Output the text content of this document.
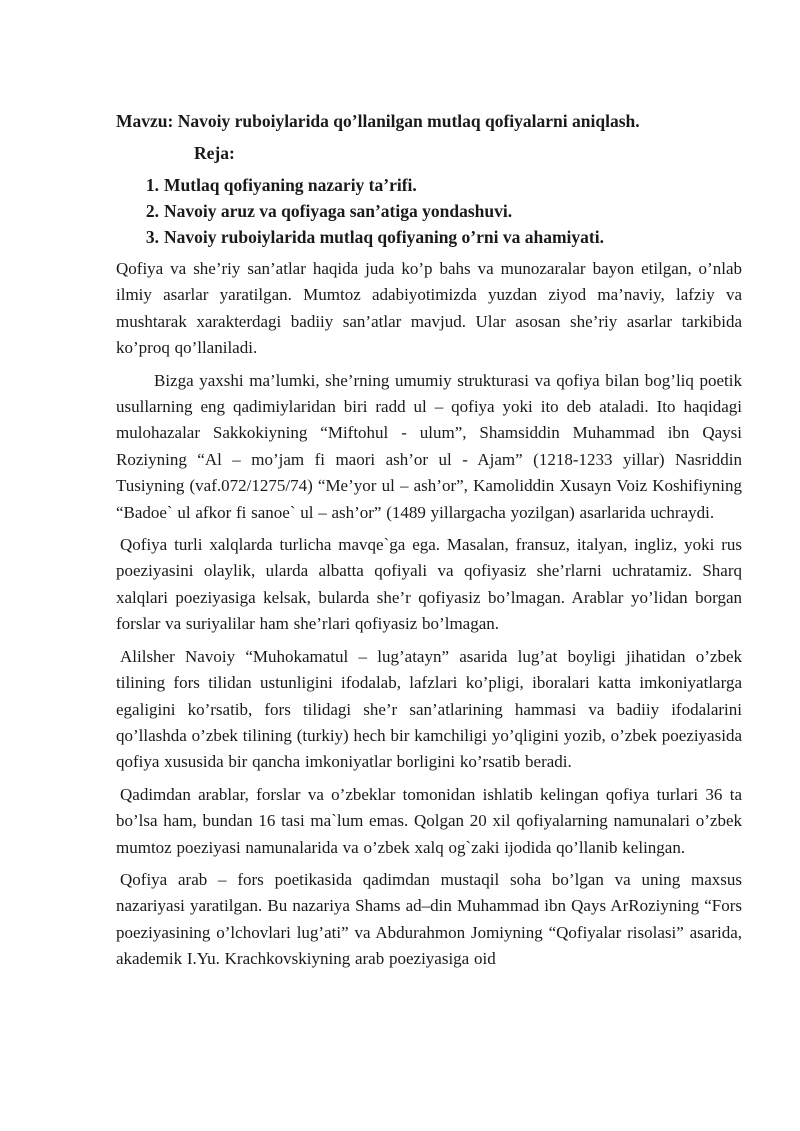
Mavzu: Navoiy ruboiylarida qo’llanilgan mutlaq qofiyalarni aniqlash.
Reja:
1. Mutlaq qofiyaning nazariy ta’rifi.
2. Navoiy aruz va qofiyaga san’atiga yondashuvi.
3. Navoiy ruboiylarida mutlaq qofiyaning o’rni va ahamiyati.

Qofiya va she’riy san’atlar haqida juda ko’p bahs va munozaralar bayon etilgan, o’nlab ilmiy asarlar yaratilgan. Mumtoz adabiyotimizda yuzdan ziyod ma’naviy, lafziy va mushtarak xarakterdagi badiiy san’atlar mavjud. Ular asosan she’riy asarlar tarkibida ko’proq qo’llaniladi.

Bizga yaxshi ma’lumki, she’rning umumiy strukturasi va qofiya bilan bog’liq poetik usullarning eng qadimiylaridan biri radd ul – qofiya yoki ito deb ataladi. Ito haqidagi mulohazalar Sakkokiyning “Miftohul - ulum”, Shamsiddin Muhammad ibn Qaysi Roziyning “Al – mo’jam fi maori ash’or ul - Ajam” (1218-1233 yillar) Nasriddin Tusiyning (vaf.072/1275/74) “Me’yor ul – ash’or”, Kamoliddin Xusayn Voiz Koshifiyning “Badoe` ul afkor fi sanoe` ul – ash’or” (1489 yillargacha yozilgan) asarlarida uchraydi.

Qofiya turli xalqlarda turlicha mavqe`ga ega. Masalan, fransuz, italyan, ingliz, yoki rus poeziyasini olaylik, ularda albatta qofiyali va qofiyasiz she’rlarni uchratamiz. Sharq xalqlari poeziyasiga kelsak, bularda she’r qofiyasiz bo’lmagan. Arablar yo’lidan borgan forslar va suriyalilar ham she’rlari qofiyasiz bo’lmagan.

Alilsher Navoiy “Muhokamatul – lug’atayn” asarida lug’at boyligi jihatidan o’zbek tilining fors tilidan ustunligini ifodalab, lafzlari ko’pligi, iboralari katta imkoniyatlarga egaligini ko’rsatib, fors tilidagi she’r san’atlarining hammasi va badiiy ifodalarini qo’llashda o’zbek tilining (turkiy) hech bir kamchiligi yo’qligini yozib, o’zbek poeziyasida qofiya xususida bir qancha imkoniyatlar borligini ko’rsatib beradi.

Qadimdan arablar, forslar va o’zbeklar tomonidan ishlatib kelingan qofiya turlari 36 ta bo’lsa ham, bundan 16 tasi ma`lum emas. Qolgan 20 xil qofiyalarning namunalari o’zbek mumtoz poeziyasi namunalarida va o’zbek xalq og`zaki ijodida qo’llanib kelingan.

Qofiya arab – fors poetikasida qadimdan mustaqil soha bo’lgan va uning maxsus nazariyasi yaratilgan. Bu nazariya Shams ad–din Muhammad ibn Qays ArRoziyning “Fors poeziyasining o’lchovlari lug’ati” va Abdurahmon Jomiyning “Qofiyalar risolasi” asarida, akademik I.Yu. Krachkovskiyning arab poeziyasiga oid
